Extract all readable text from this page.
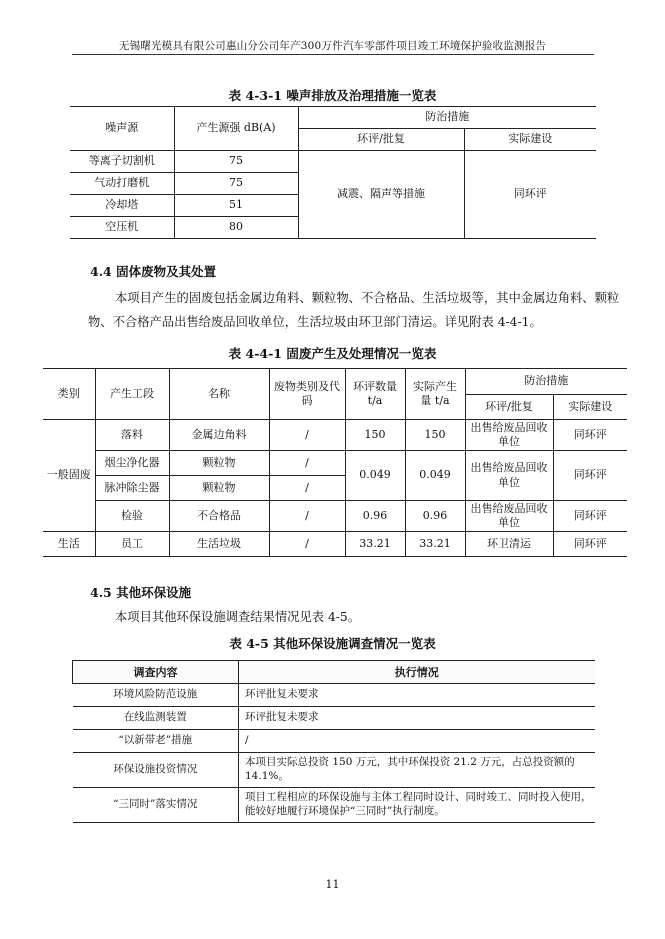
无锡曙光模具有限公司惠山分公司年产300万件汽车零部件项目竣工环境保护验收监测报告
表 4-3-1 噪声排放及治理措施一览表
噪声源	产生源强 dB(A)	防治措施	
		环评/批复	实际建设
等离子切割机	75	减震、隔声等措施	同环评
气动打磨机	75		
冷却塔	51		
空压机	80		
4.4 固体废物及其处置
本项目产生的固废包括金属边角料、颗粒物、不合格品、生活垃圾等，其中金属边角料、颗粒物、不合格产品出售给废品回收单位，生活垃圾由环卫部门清运。详见附表 4-4-1。
表 4-4-1 固废产生及处理情况一览表
类别	产生工段	名称	废物类别及代码	环评数量 t/a	实际产生量 t/a	防治措施	
						环评/批复	实际建设
一般固废	落料	金属边角料	/	150	150	出售给废品回收单位	同环评
	烟尘净化器	颗粒物	/	0.049	0.049	出售给废品回收单位	同环评
	脉冲除尘器	颗粒物	/				
	检验	不合格品	/	0.96	0.96	出售给废品回收单位	同环评
生活	员工	生活垃圾	/	33.21	33.21	环卫清运	同环评
4.5 其他环保设施
本项目其他环保设施调查结果情况见表 4-5。
表 4-5 其他环保设施调查情况一览表
调查内容	执行情况
环境风险防范设施	环评批复未要求
在线监测装置	环评批复未要求
“以新带老”措施	/
环保设施投资情况	本项目实际总投资 150 万元，其中环保投资 21.2 万元，占总投资额的 14.1%。
“三同时”落实情况	项目工程相应的环保设施与主体工程同时设计、同时竣工、同时投入使用，能较好地履行环境保护“三同时”执行制度。
11
